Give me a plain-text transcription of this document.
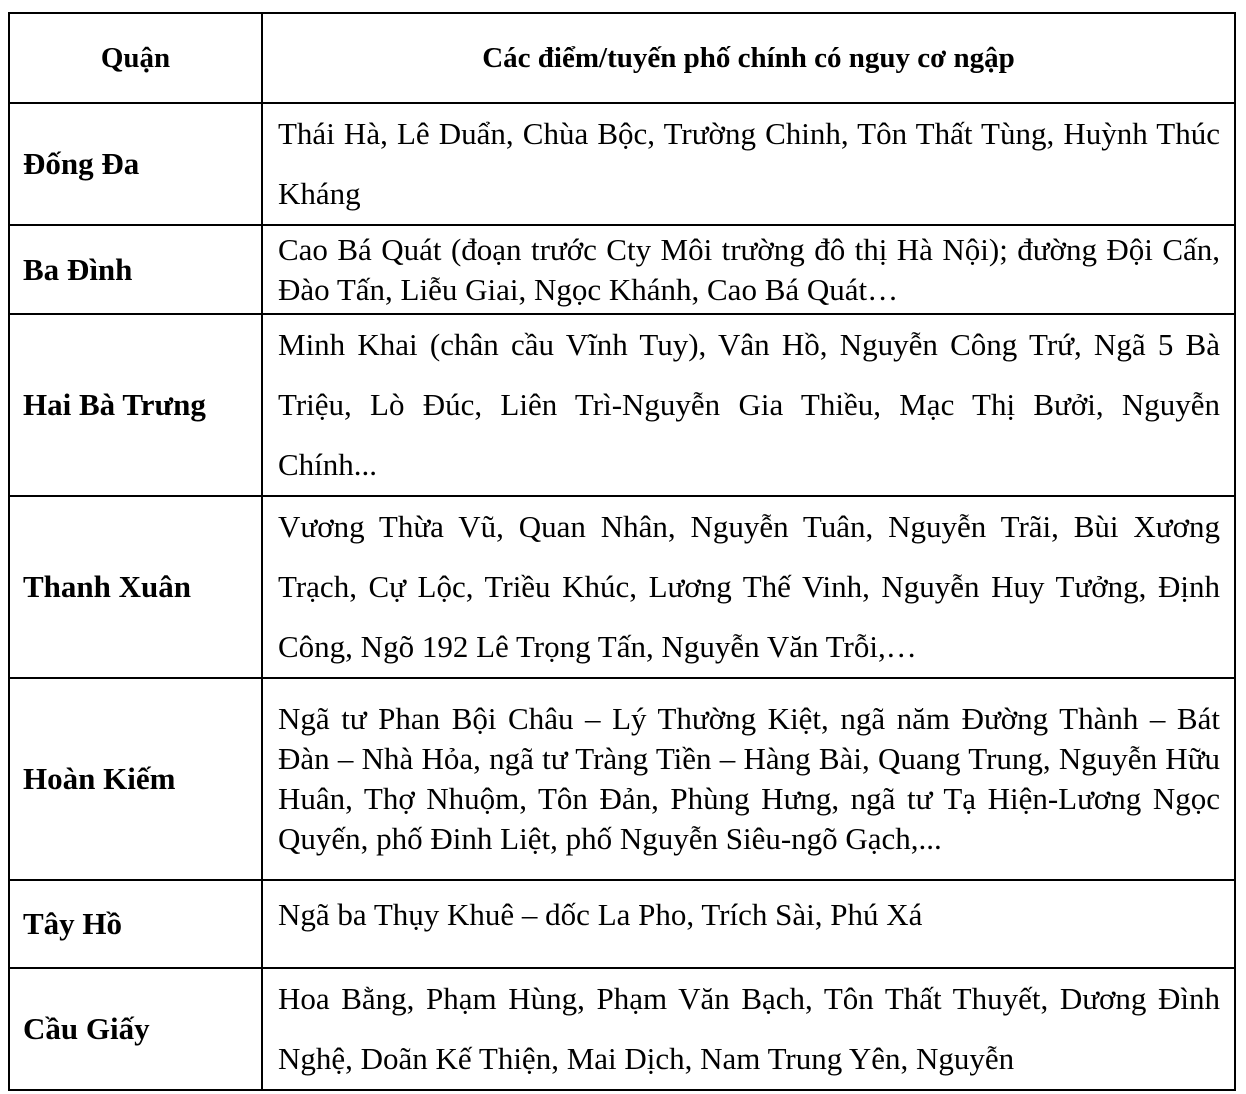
Quận	Các điểm/tuyến phố chính có nguy cơ ngập
Đống Đa	Thái Hà, Lê Duẩn, Chùa Bộc, Trường Chinh, Tôn Thất Tùng, Huỳnh Thúc Kháng
Ba Đình	Cao Bá Quát (đoạn trước Cty Môi trường đô thị Hà Nội); đường Đội Cấn, Đào Tấn, Liễu Giai, Ngọc Khánh, Cao Bá Quát…
Hai Bà Trưng	Minh Khai (chân cầu Vĩnh Tuy), Vân Hồ, Nguyễn Công Trứ, Ngã 5 Bà Triệu, Lò Đúc, Liên Trì-Nguyễn Gia Thiều, Mạc Thị Bưởi, Nguyễn Chính...
Thanh Xuân	Vương Thừa Vũ, Quan Nhân, Nguyễn Tuân, Nguyễn Trãi, Bùi Xương Trạch, Cự Lộc, Triều Khúc, Lương Thế Vinh, Nguyễn Huy Tưởng, Định Công, Ngõ 192 Lê Trọng Tấn, Nguyễn Văn Trỗi,…
Hoàn Kiếm	Ngã tư Phan Bội Châu – Lý Thường Kiệt, ngã năm Đường Thành – Bát Đàn – Nhà Hỏa, ngã tư Tràng Tiền – Hàng Bài, Quang Trung, Nguyễn Hữu Huân, Thợ Nhuộm, Tôn Đản, Phùng Hưng, ngã tư Tạ Hiện-Lương Ngọc Quyến, phố Đinh Liệt, phố Nguyễn Siêu-ngõ Gạch,...
Tây Hồ	Ngã ba Thụy Khuê – dốc La Pho, Trích Sài, Phú Xá
Cầu Giấy	Hoa Bằng, Phạm Hùng, Phạm Văn Bạch, Tôn Thất Thuyết, Dương Đình Nghệ, Doãn Kế Thiện, Mai Dịch, Nam Trung Yên, Nguyễn
